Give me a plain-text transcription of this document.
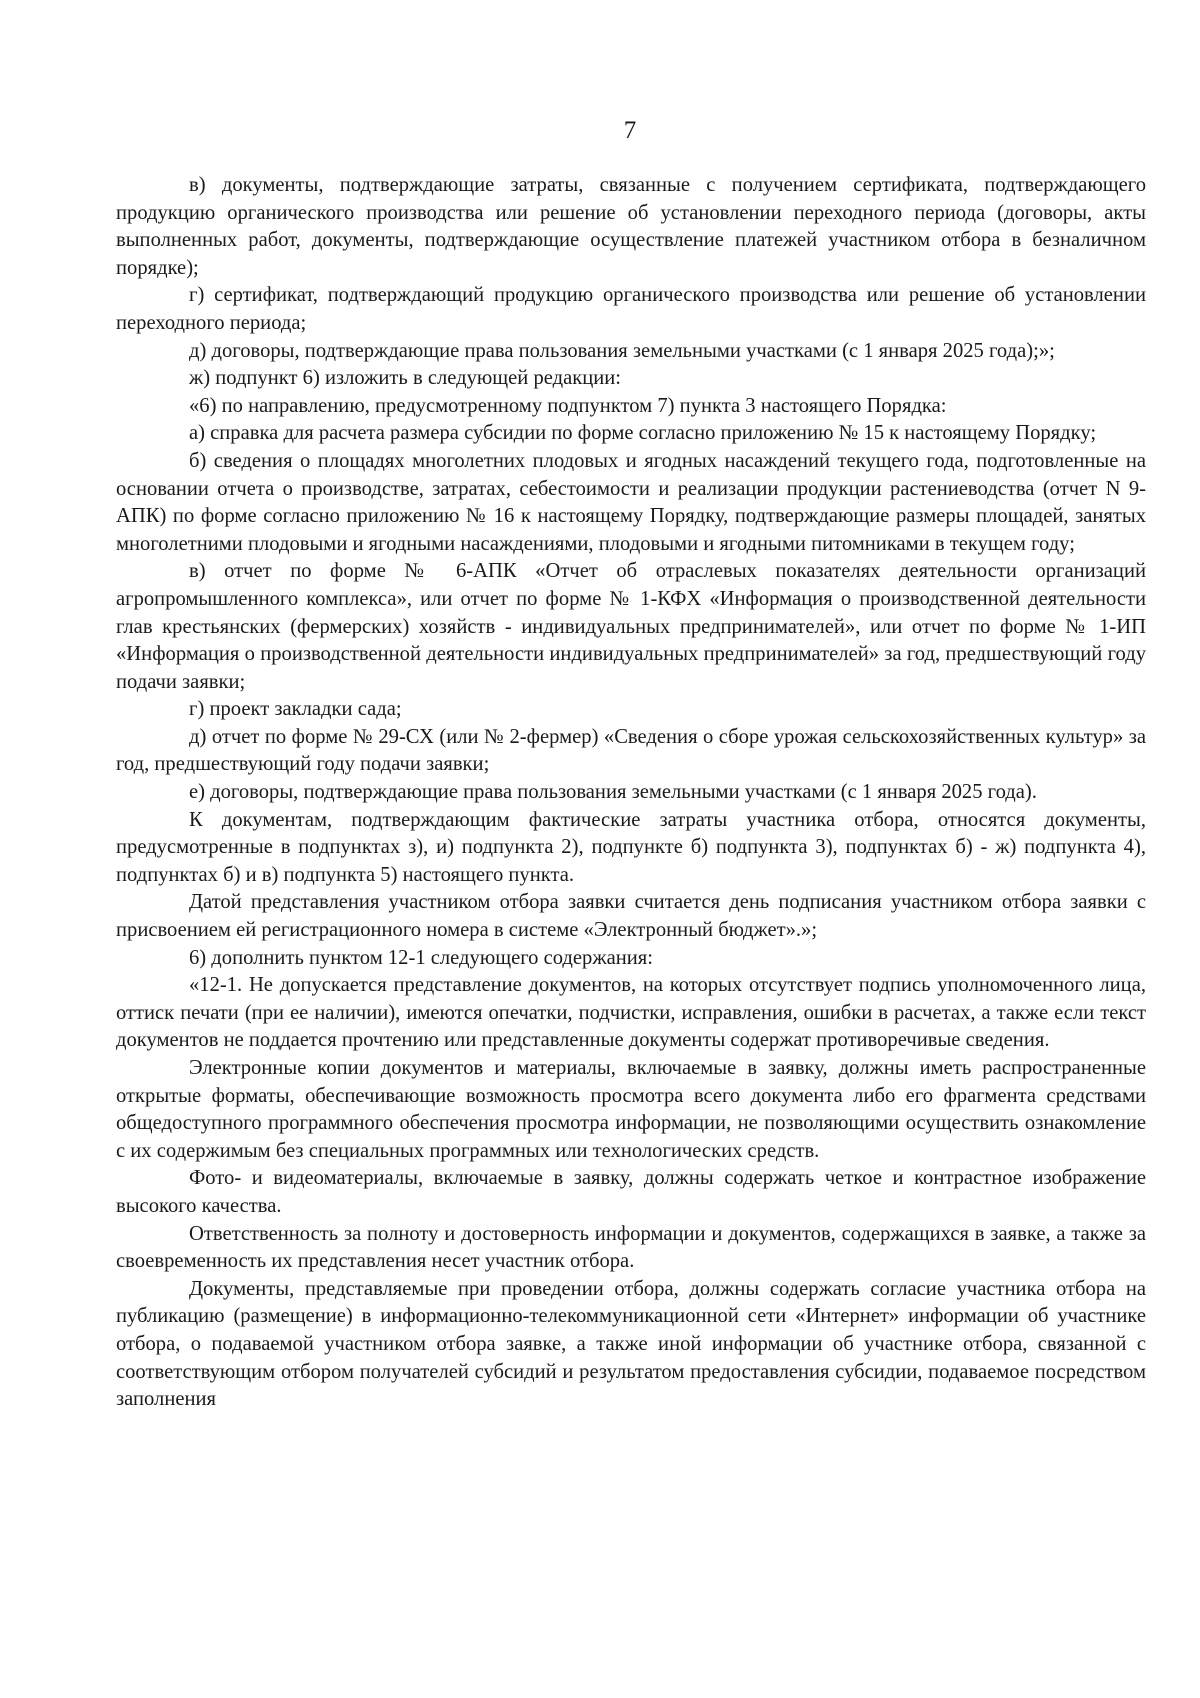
7

в) документы, подтверждающие затраты, связанные с получением сертификата, подтверждающего продукцию органического производства или решение об установлении переходного периода (договоры, акты выполненных работ, документы, подтверждающие осуществление платежей участником отбора в безналичном порядке);

г) сертификат, подтверждающий продукцию органического производства или решение об установлении переходного периода;

д) договоры, подтверждающие права пользования земельными участками (с 1 января 2025 года);»;

ж) подпункт 6) изложить в следующей редакции:

«6) по направлению, предусмотренному подпунктом 7) пункта 3 настоящего Порядка:

а) справка для расчета размера субсидии по форме согласно приложению № 15 к настоящему Порядку;

б) сведения о площадях многолетних плодовых и ягодных насаждений текущего года, подготовленные на основании отчета о производстве, затратах, себестоимости и реализации продукции растениеводства (отчет N 9-АПК) по форме согласно приложению № 16 к настоящему Порядку, подтверждающие размеры площадей, занятых многолетними плодовыми и ягодными насаждениями, плодовыми и ягодными питомниками в текущем году;

в) отчет по форме № 6-АПК «Отчет об отраслевых показателях деятельности организаций агропромышленного комплекса», или отчет по форме № 1-КФХ «Информация о производственной деятельности глав крестьянских (фермерских) хозяйств - индивидуальных предпринимателей», или отчет по форме № 1-ИП «Информация о производственной деятельности индивидуальных предпринимателей» за год, предшествующий году подачи заявки;

г) проект закладки сада;

д) отчет по форме № 29-СХ (или № 2-фермер) «Сведения о сборе урожая сельскохозяйственных культур» за год, предшествующий году подачи заявки;

е) договоры, подтверждающие права пользования земельными участками (с 1 января 2025 года).

К документам, подтверждающим фактические затраты участника отбора, относятся документы, предусмотренные в подпунктах з), и) подпункта 2), подпункте б) подпункта 3), подпунктах б) - ж) подпункта 4), подпунктах б) и в) подпункта 5) настоящего пункта.

Датой представления участником отбора заявки считается день подписания участником отбора заявки с присвоением ей регистрационного номера в системе «Электронный бюджет».»;

6) дополнить пунктом 12-1 следующего содержания:

«12-1. Не допускается представление документов, на которых отсутствует подпись уполномоченного лица, оттиск печати (при ее наличии), имеются опечатки, подчистки, исправления, ошибки в расчетах, а также если текст документов не поддается прочтению или представленные документы содержат противоречивые сведения.

Электронные копии документов и материалы, включаемые в заявку, должны иметь распространенные открытые форматы, обеспечивающие возможность просмотра всего документа либо его фрагмента средствами общедоступного программного обеспечения просмотра информации, не позволяющими осуществить ознакомление с их содержимым без специальных программных или технологических средств.

Фото- и видеоматериалы, включаемые в заявку, должны содержать четкое и контрастное изображение высокого качества.

Ответственность за полноту и достоверность информации и документов, содержащихся в заявке, а также за своевременность их представления несет участник отбора.

Документы, представляемые при проведении отбора, должны содержать согласие участника отбора на публикацию (размещение) в информационно-телекоммуникационной сети «Интернет» информации об участнике отбора, о подаваемой участником отбора заявке, а также иной информации об участнике отбора, связанной с соответствующим отбором получателей субсидий и результатом предоставления субсидии, подаваемое посредством заполнения
